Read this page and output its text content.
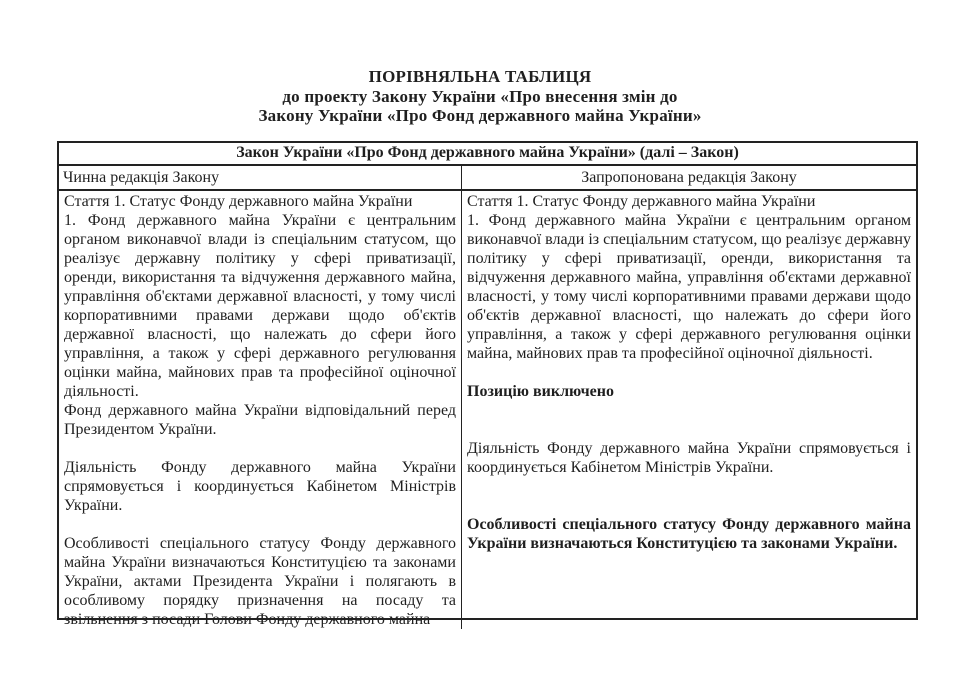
ПОРІВНЯЛЬНА ТАБЛИЦЯ
до проекту Закону України «Про внесення змін до
Закону України «Про Фонд державного майна України»
Закон України «Про Фонд державного майна України» (далі – Закон)
Чинна редакція Закону	Запропонована редакція Закону

Стаття 1. Статус Фонду державного майна України

1. Фонд державного майна України є центральним органом виконавчої влади із спеціальним статусом, що реалізує державну політику у сфері приватизації, оренди, використання та відчуження державного майна, управління об'єктами державної власності, у тому числі корпоративними правами держави щодо об'єктів державної власності, що належать до сфери його управління, а також у сфері державного регулювання оцінки майна, майнових прав та професійної оціночної діяльності.

Фонд державного майна України відповідальний перед Президентом України.

Діяльність Фонду державного майна України спрямовується і координується Кабінетом Міністрів України.

Особливості спеціального статусу Фонду державного майна України визначаються Конституцією та законами України, актами Президента України і полягають в особливому порядку призначення на посаду та звільнення з посади Голови Фонду державного майна

Стаття 1. Статус Фонду державного майна України

1. Фонд державного майна України є центральним органом виконавчої влади із спеціальним статусом, що реалізує державну політику у сфері приватизації, оренди, використання та відчуження державного майна, управління об'єктами державної власності, у тому числі корпоративними правами держави щодо об'єктів державної власності, що належать до сфери його управління, а також у сфері державного регулювання оцінки майна, майнових прав та професійної оціночної діяльності.

Позицію виключено

Діяльність Фонду державного майна України спрямовується і координується Кабінетом Міністрів України.

Особливості спеціального статусу Фонду державного майна України визначаються Конституцією та законами України.
